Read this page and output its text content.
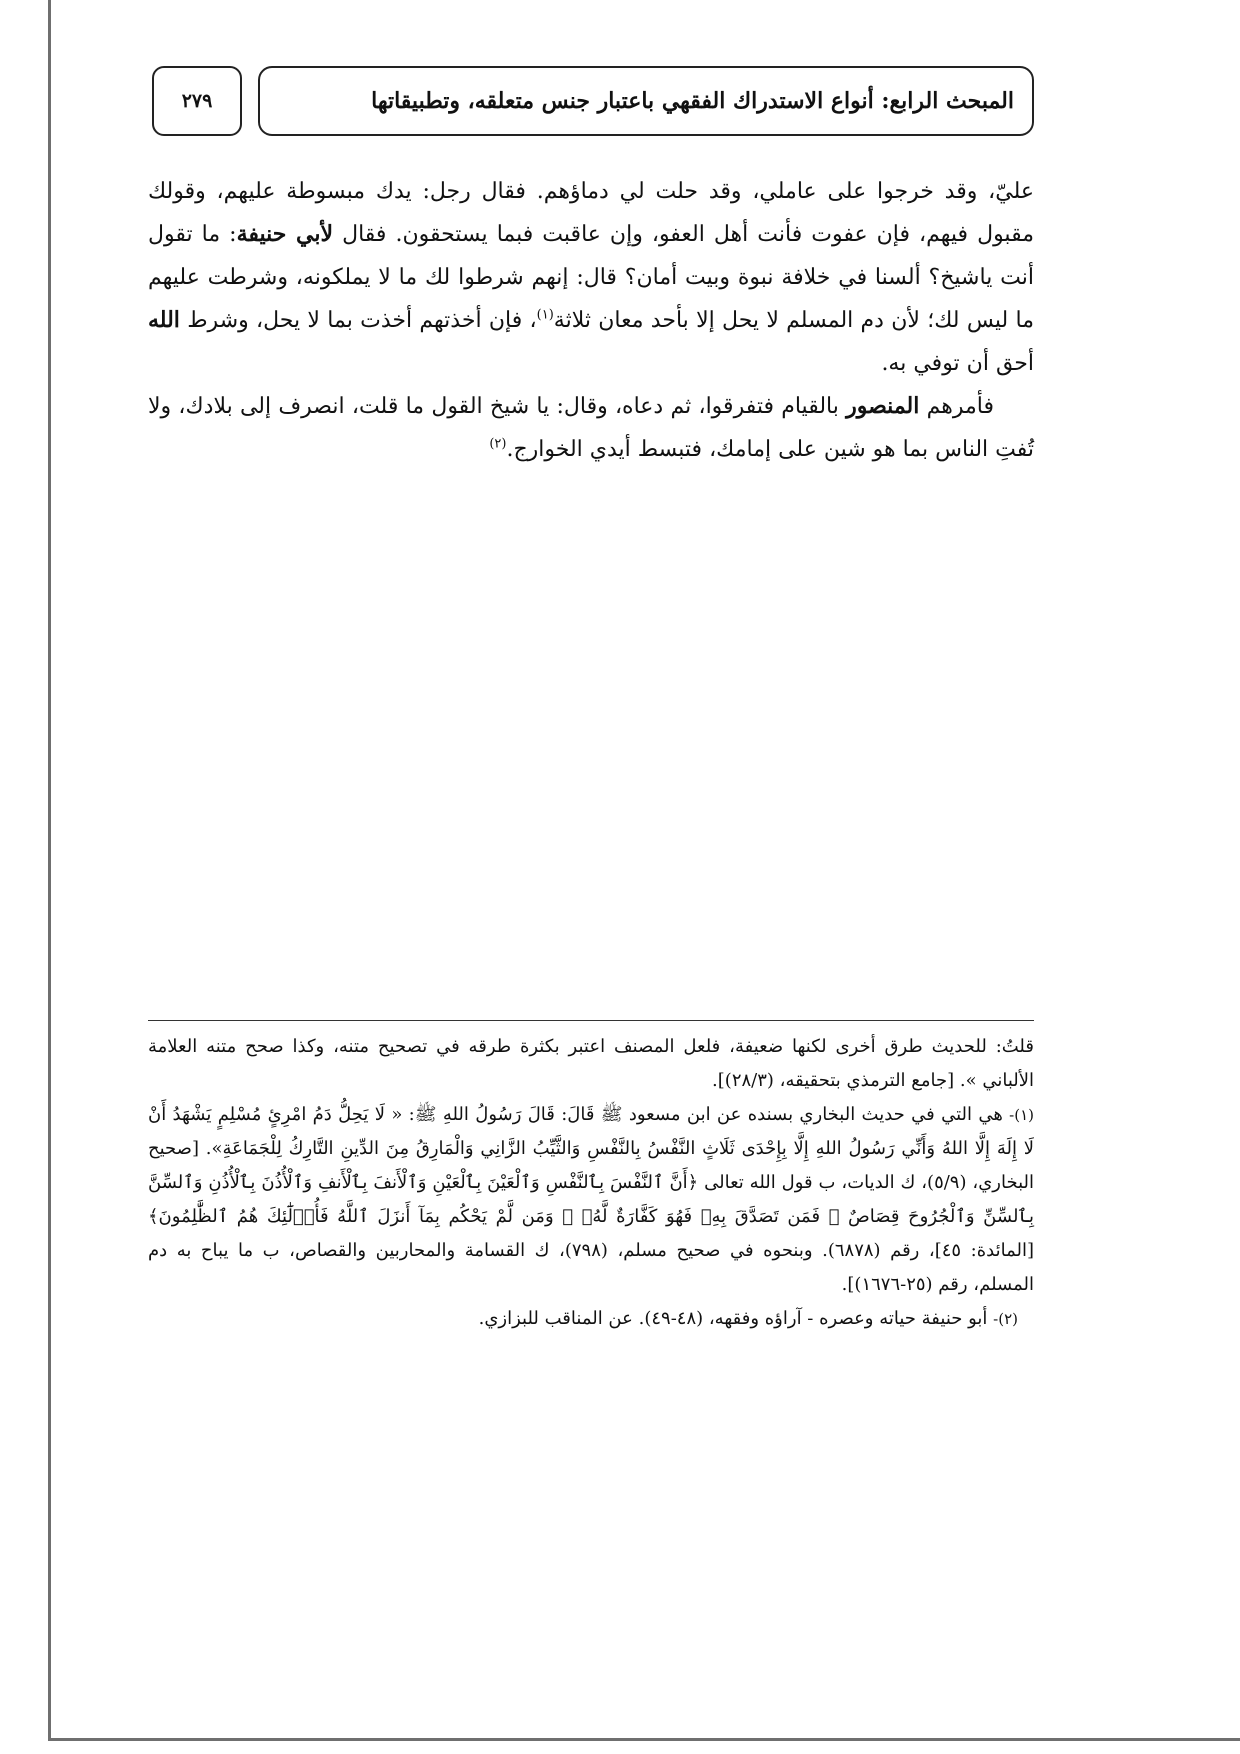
المبحث الرابع: أنواع الاستدراك الفقهي باعتبار جنس متعلقه، وتطبيقاتها
٢٧٩

عليّ، وقد خرجوا على عاملي، وقد حلت لي دماؤهم. فقال رجل: يدك مبسوطة عليهم، وقولك مقبول فيهم، فإن عفوت فأنت أهل العفو، وإن عاقبت فبما يستحقون. فقال لأبي حنيفة: ما تقول أنت ياشيخ؟ ألسنا في خلافة نبوة وبيت أمان؟ قال: إنهم شرطوا لك ما لا يملكونه، وشرطت عليهم ما ليس لك؛ لأن دم المسلم لا يحل إلا بأحد معان ثلاثة$^{(١)}$، فإن أخذتهم أخذت بما لا يحل، وشرط الله أحق أن توفي به.

فأمرهم المنصور بالقيام فتفرقوا، ثم دعاه، وقال: يا شيخ القول ما قلت، انصرف إلى بلادك، ولا تُفتِ الناس بما هو شين على إمامك، فتبسط أيدي الخوارج.$^{(٢)}$

قلتُ: للحديث طرق أخرى لكنها ضعيفة، فلعل المصنف اعتبر بكثرة طرقه في تصحيح متنه، وكذا صحح متنه العلامة الألباني ». [جامع الترمذي بتحقيقه، (٢٨/٣)].

(١)- هي التي في حديث البخاري بسنده عن ابن مسعود ﷺ قَالَ: قَالَ رَسُولُ اللهِ ﷺ: « لَا يَحِلُّ دَمُ امْرِئٍ مُسْلِمٍ يَشْهَدُ أَنْ لَا إِلَهَ إِلَّا اللهُ وَأَنِّي رَسُولُ اللهِ إِلَّا بِإِحْدَى ثَلَاثٍ النَّفْسُ بِالنَّفْسِ وَالثَّيِّبُ الزَّانِي وَالْمَارِقُ مِنَ الدِّينِ التَّارِكُ لِلْجَمَاعَةِ». [صحيح البخاري، (٥/٩)، ك الديات، ب قول الله تعالى ﴿أَنَّ ٱلنَّفْسَ بِٱلنَّفْسِ وَٱلْعَيْنَ بِٱلْعَيْنِ وَٱلْأَنفَ بِٱلْأَنفِ وَٱلْأُذُنَ بِٱلْأُذُنِ وَٱلسِّنَّ بِٱلسِّنِّ وَٱلْجُرُوحَ قِصَاصٌ ۚ فَمَن تَصَدَّقَ بِهِۦ فَهُوَ كَفَّارَةٌ لَّهُۥ ۚ وَمَن لَّمْ يَحْكُم بِمَآ أَنزَلَ ٱللَّهُ فَأُو۟لَٰٓئِكَ هُمُ ٱلظَّٰلِمُونَ﴾ [المائدة: ٤٥]، رقم (٦٨٧٨). وبنحوه في صحيح مسلم، (٧٩٨)، ك القسامة والمحاربين والقصاص، ب ما يباح به دم المسلم، رقم (٢٥-١٦٧٦)].

(٢)- أبو حنيفة حياته وعصره - آراؤه وفقهه، (٤٨-٤٩). عن المناقب للبزازي.
